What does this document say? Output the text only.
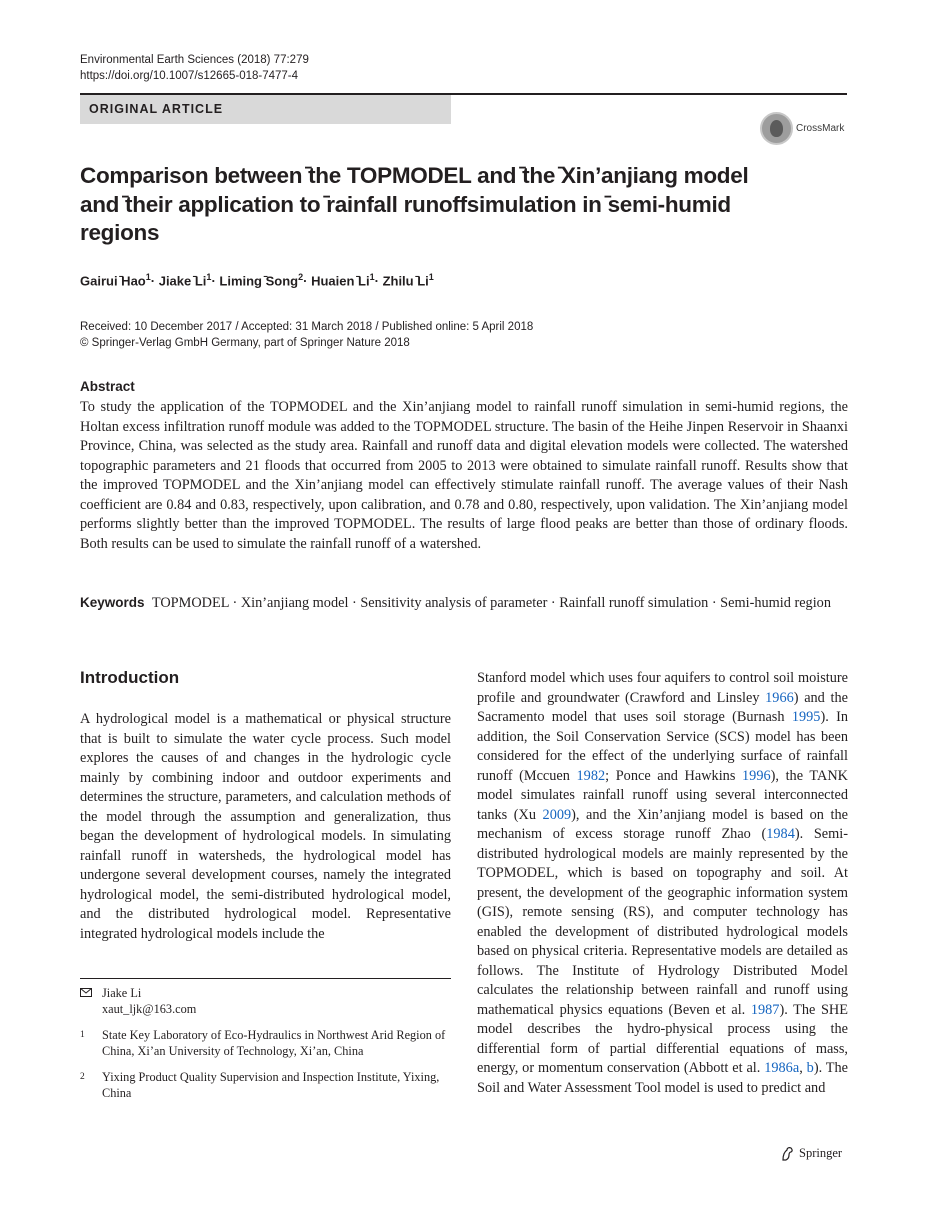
Environmental Earth Sciences (2018) 77:279
https://doi.org/10.1007/s12665-018-7477-4
ORIGINAL ARTICLE
CrossMark
Comparison between ̄the TOPMODEL and ̄the ̄Xin’anjiang model and ̄their application to ̄rainfall runoffsimulation in ̄semi-humid regions
Gairui ̄Hao$^1$· Jiake $̄Li^1\cdot Liming$ ̄Song$^2$· Huaien $̄Li^1\cdot$ Zhilu ̄Li$^1$
Received: 10 December 2017 / Accepted: 31 March 2018 / Published online: 5 April 2018
© Springer-Verlag GmbH Germany, part of Springer Nature 2018
Abstract
To study the application of the TOPMODEL and the Xin’anjiang model to rainfall runoff simulation in semi-humid regions, the Holtan excess infiltration runoff module was added to the TOPMODEL structure. The basin of the Heihe Jinpen Reservoir in Shaanxi Province, China, was selected as the study area. Rainfall and runoff data and digital elevation models were collected. The watershed topographic parameters and 21 floods that occurred from 2005 to 2013 were obtained to simulate rainfall runoff. Results show that the improved TOPMODEL and the Xin’anjiang model can effectively stimulate rainfall runoff. The average values of their Nash coefficient are 0.84 and 0.83, respectively, upon calibration, and 0.78 and 0.80, respectively, upon validation. The Xin’anjiang model performs slightly better than the improved TOPMODEL. The results of large flood peaks are better than those of ordinary floods. Both results can be used to simulate the rainfall runoff of a watershed.
Keywords TOPMODEL · Xin’anjiang model · Sensitivity analysis of parameter · Rainfall runoff simulation · Semi-humid region
Introduction
A hydrological model is a mathematical or physical structure that is built to simulate the water cycle process. Such model explores the causes of and changes in the hydrologic cycle mainly by combining indoor and outdoor experiments and determines the structure, parameters, and calculation methods of the model through the assumption and generalization, thus began the development of hydrological models. In simulating rainfall runoff in watersheds, the hydrological model has undergone several development courses, namely the integrated hydrological model, the semi-distributed hydrological model, and the distributed hydrological model. Representative integrated hydrological models include the
Stanford model which uses four aquifers to control soil moisture profile and groundwater (Crawford and Linsley 1966) and the Sacramento model that uses soil storage (Burnash 1995). In addition, the Soil Conservation Service (SCS) model has been considered for the effect of the underlying surface of rainfall runoff (Mccuen 1982; Ponce and Hawkins 1996), the TANK model simulates rainfall runoff using several interconnected tanks (Xu 2009), and the Xin’anjiang model is based on the mechanism of excess storage runoff Zhao (1984). Semi-distributed hydrological models are mainly represented by the TOPMODEL, which is based on topography and soil. At present, the development of the geographic information system (GIS), remote sensing (RS), and computer technology has enabled the development of distributed hydrological models based on physical criteria. Representative models are detailed as follows. The Institute of Hydrology Distributed Model calculates the relationship between rainfall and runoff using mathematical physics equations (Beven et al. 1987). The SHE model describes the hydro-physical process using the differential form of partial differential equations of mass, energy, or momentum conservation (Abbott et al. 1986a, b). The Soil and Water Assessment Tool model is used to predict and
Jiake Li
xaut_ljk@163.com
1 State Key Laboratory of Eco-Hydraulics in Northwest Arid Region of China, Xi’an University of Technology, Xi’an, China
2 Yixing Product Quality Supervision and Inspection Institute, Yixing, China
Springer
